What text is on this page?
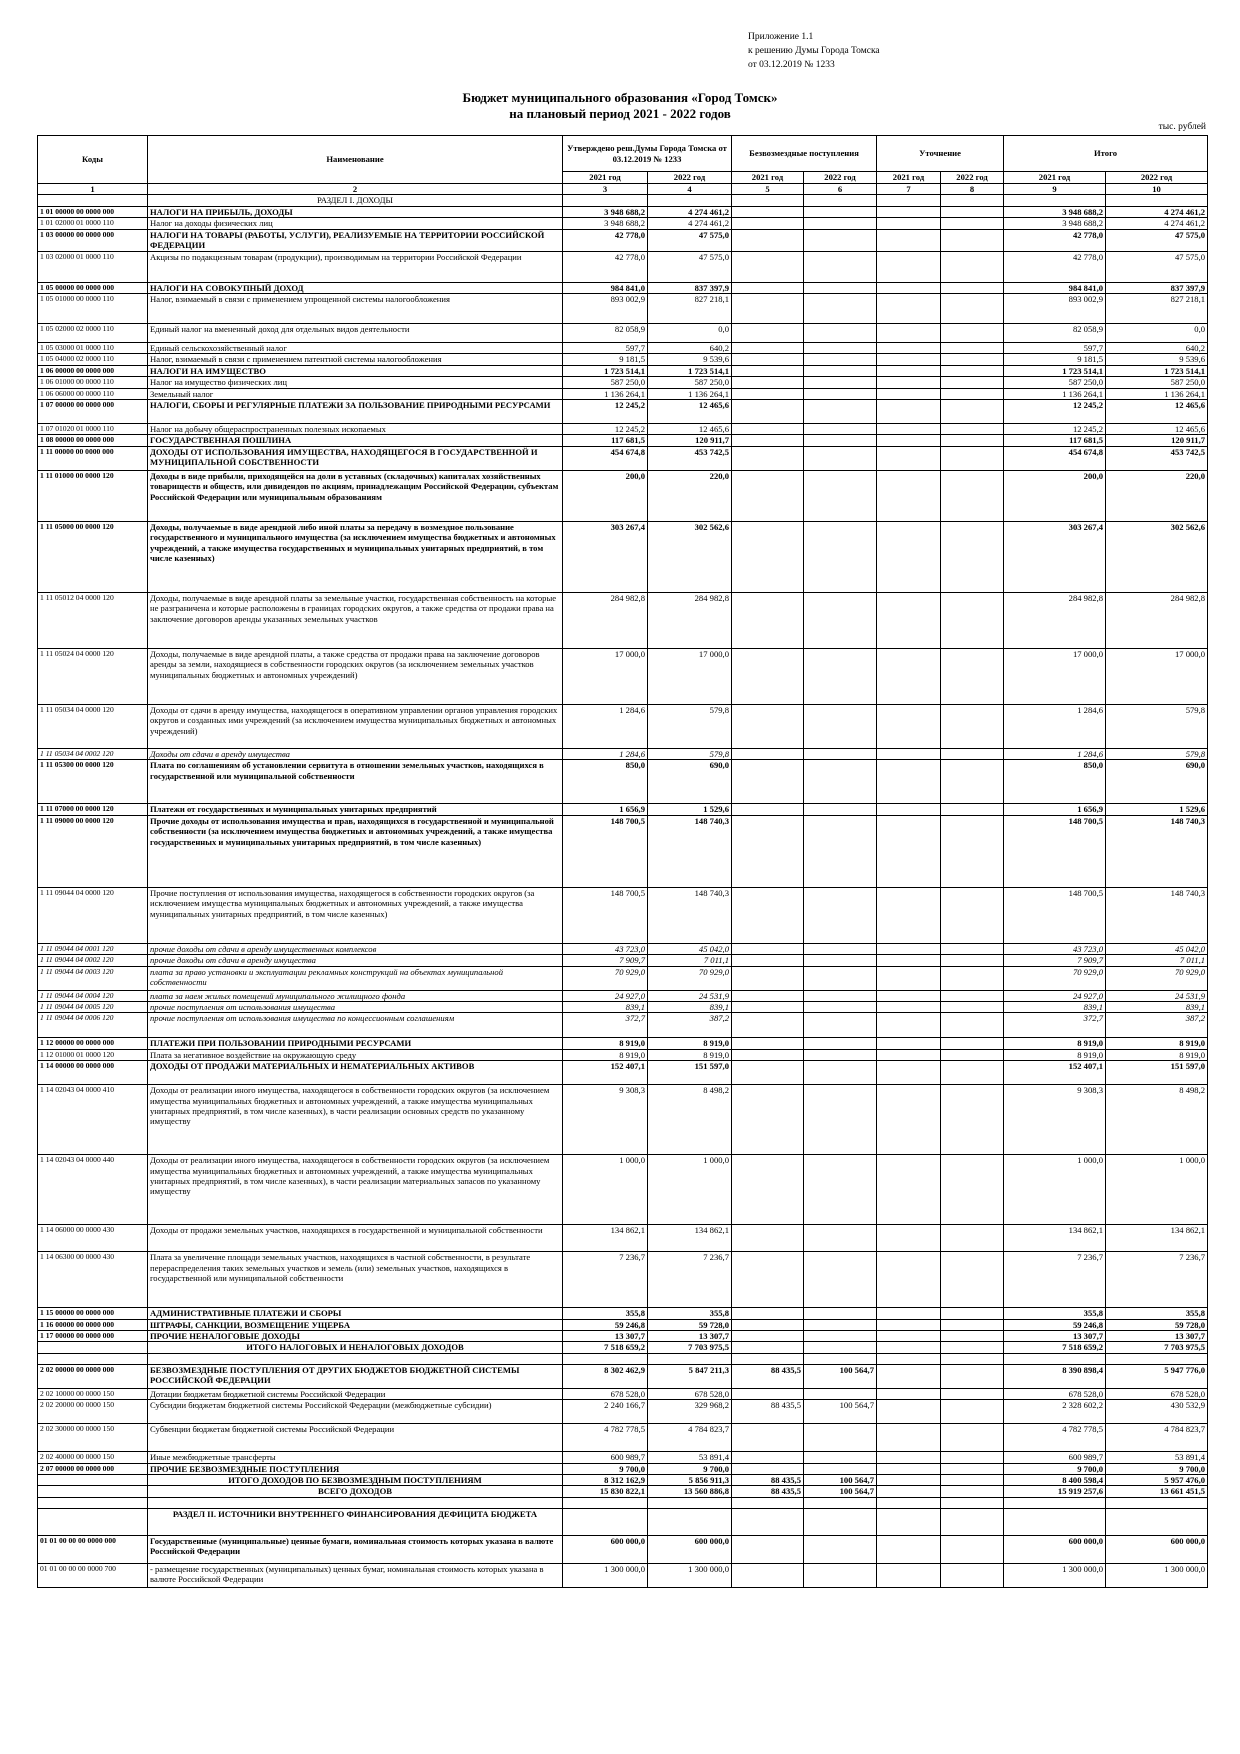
Приложение 1.1
к решению Думы Города Томска
от 03.12.2019 № 1233
Бюджет муниципального образования «Город Томск»
на плановый период 2021 - 2022 годов
тыс. рублей
Коды	Наименование	Утверждено реш.Думы Города Томска от 03.12.2019 № 1233		Безвозмездные поступления		Уточнение		Итого	
		2021 год	2022 год	2021 год	2022 год	2021 год	2022 год	2021 год	2022 год
1	2	3	4	5	6	7	8	9	10
	РАЗДЕЛ I. ДОХОДЫ								
1 01 00000 00 0000 000	НАЛОГИ НА ПРИБЫЛЬ, ДОХОДЫ	3 948 688,2	4 274 461,2					3 948 688,2	4 274 461,2
1 01 02000 01 0000 110	Налог на доходы физических лиц	3 948 688,2	4 274 461,2					3 948 688,2	4 274 461,2
1 03 00000 00 0000 000	НАЛОГИ НА ТОВАРЫ (РАБОТЫ, УСЛУГИ), РЕАЛИЗУЕМЫЕ НА ТЕРРИТОРИИ РОССИЙСКОЙ ФЕДЕРАЦИИ	42 778,0	47 575,0					42 778,0	47 575,0
1 03 02000 01 0000 110	Акцизы по подакцизным товарам (продукции), производимым на территории Российской Федерации	42 778,0	47 575,0					42 778,0	47 575,0
1 05 00000 00 0000 000	НАЛОГИ НА СОВОКУПНЫЙ ДОХОД	984 841,0	837 397,9					984 841,0	837 397,9
1 05 01000 00 0000 110	Налог, взимаемый в связи с применением упрощенной системы налогообложения	893 002,9	827 218,1					893 002,9	827 218,1
1 05 02000 02 0000 110	Единый налог на вмененный доход для отдельных видов деятельности	82 058,9	0,0					82 058,9	0,0
1 05 03000 01 0000 110	Единый сельскохозяйственный налог	597,7	640,2					597,7	640,2
1 05 04000 02 0000 110	Налог, взимаемый в связи с применением патентной системы налогообложения	9 181,5	9 539,6					9 181,5	9 539,6
1 06 00000 00 0000 000	НАЛОГИ НА ИМУЩЕСТВО	1 723 514,1	1 723 514,1					1 723 514,1	1 723 514,1
1 06 01000 00 0000 110	Налог на имущество физических лиц	587 250,0	587 250,0					587 250,0	587 250,0
1 06 06000 00 0000 110	Земельный налог	1 136 264,1	1 136 264,1					1 136 264,1	1 136 264,1
1 07 00000 00 0000 000	НАЛОГИ, СБОРЫ И РЕГУЛЯРНЫЕ ПЛАТЕЖИ ЗА ПОЛЬЗОВАНИЕ ПРИРОДНЫМИ РЕСУРСАМИ	12 245,2	12 465,6					12 245,2	12 465,6
1 07 01020 01 0000 110	Налог на добычу общераспространенных полезных ископаемых	12 245,2	12 465,6					12 245,2	12 465,6
1 08 00000 00 0000 000	ГОСУДАРСТВЕННАЯ ПОШЛИНА	117 681,5	120 911,7					117 681,5	120 911,7
1 11 00000 00 0000 000	ДОХОДЫ ОТ ИСПОЛЬЗОВАНИЯ ИМУЩЕСТВА, НАХОДЯЩЕГОСЯ В ГОСУДАРСТВЕННОЙ И МУНИЦИПАЛЬНОЙ СОБСТВЕННОСТИ	454 674,8	453 742,5					454 674,8	453 742,5
1 11 01000 00 0000 120	Доходы в виде прибыли, приходящейся на доли в уставных (складочных) капиталах хозяйственных товариществ и обществ, или дивидендов по акциям, принадлежащим Российской Федерации, субъектам Российской Федерации или муниципальным образованиям	200,0	220,0					200,0	220,0
1 11 05000 00 0000 120	Доходы, получаемые в виде арендной либо иной платы за передачу в возмездное пользование государственного и муниципального имущества (за исключением имущества бюджетных и автономных учреждений, а также имущества государственных и муниципальных унитарных предприятий, в том числе казенных)	303 267,4	302 562,6					303 267,4	302 562,6
1 11 05012 04 0000 120	Доходы, получаемые в виде арендной платы за земельные участки, государственная собственность на которые не разграничена и которые расположены в границах городских округов, а также средства от продажи права на заключение договоров аренды указанных земельных участков	284 982,8	284 982,8					284 982,8	284 982,8
1 11 05024 04 0000 120	Доходы, получаемые в виде арендной платы, а также средства от продажи права на заключение договоров аренды за земли, находящиеся в собственности городских округов (за исключением земельных участков муниципальных бюджетных и автономных учреждений)	17 000,0	17 000,0					17 000,0	17 000,0
1 11 05034 04 0000 120	Доходы от сдачи в аренду имущества, находящегося в оперативном управлении органов управления городских округов и созданных ими учреждений (за исключением имущества муниципальных бюджетных и автономных учреждений)	1 284,6	579,8					1 284,6	579,8
1 11 05034 04 0002 120	Доходы от сдачи в аренду имущества	1 284,6	579,8					1 284,6	579,8
1 11 05300 00 0000 120	Плата по соглашениям об установлении сервитута в отношении земельных участков, находящихся в государственной или муниципальной собственности	850,0	690,0					850,0	690,0
1 11 07000 00 0000 120	Платежи от государственных и муниципальных унитарных предприятий	1 656,9	1 529,6					1 656,9	1 529,6
1 11 09000 00 0000 120	Прочие доходы от использования имущества и прав, находящихся в государственной и муниципальной собственности (за исключением имущества бюджетных и автономных учреждений, а также имущества государственных и муниципальных унитарных предприятий, в том числе казенных)	148 700,5	148 740,3					148 700,5	148 740,3
1 11 09044 04 0000 120	Прочие поступления от использования имущества, находящегося в собственности городских округов (за исключением имущества муниципальных бюджетных и автономных учреждений, а также имущества муниципальных унитарных предприятий, в том числе казенных)	148 700,5	148 740,3					148 700,5	148 740,3
1 11 09044 04 0001 120	прочие доходы от сдачи в аренду имущественных комплексов	43 723,0	45 042,0					43 723,0	45 042,0
1 11 09044 04 0002 120	прочие доходы от сдачи в аренду имущества	7 909,7	7 011,1					7 909,7	7 011,1
1 11 09044 04 0003 120	плата за право установки и эксплуатации рекламных конструкций на объектах муниципальной собственности	70 929,0	70 929,0					70 929,0	70 929,0
1 11 09044 04 0004 120	плата за наем жилых помещений муниципального жилищного фонда	24 927,0	24 531,9					24 927,0	24 531,9
1 11 09044 04 0005 120	прочие поступления от использования имущества	839,1	839,1					839,1	839,1
1 11 09044 04 0006 120	прочие поступления от использования имущества по концессионным соглашениям	372,7	387,2					372,7	387,2
1 12 00000 00 0000 000	ПЛАТЕЖИ ПРИ ПОЛЬЗОВАНИИ ПРИРОДНЫМИ РЕСУРСАМИ	8 919,0	8 919,0					8 919,0	8 919,0
1 12 01000 01 0000 120	Плата за негативное воздействие на окружающую среду	8 919,0	8 919,0					8 919,0	8 919,0
1 14 00000 00 0000 000	ДОХОДЫ ОТ ПРОДАЖИ МАТЕРИАЛЬНЫХ И НЕМАТЕРИАЛЬНЫХ АКТИВОВ	152 407,1	151 597,0					152 407,1	151 597,0
1 14 02043 04 0000 410	Доходы от реализации иного имущества, находящегося в собственности городских округов (за исключением имущества муниципальных бюджетных и автономных учреждений, а также имущества муниципальных унитарных предприятий, в том числе казенных), в части реализации основных средств по указанному имуществу	9 308,3	8 498,2					9 308,3	8 498,2
1 14 02043 04 0000 440	Доходы от реализации иного имущества, находящегося в собственности городских округов (за исключением имущества муниципальных бюджетных и автономных учреждений, а также имущества муниципальных унитарных предприятий, в том числе казенных), в части реализации материальных запасов по указанному имуществу	1 000,0	1 000,0					1 000,0	1 000,0
1 14 06000 00 0000 430	Доходы от продажи земельных участков, находящихся в государственной и муниципальной собственности	134 862,1	134 862,1					134 862,1	134 862,1
1 14 06300 00 0000 430	Плата за увеличение площади земельных участков, находящихся в частной собственности, в результате перераспределения таких земельных участков и земель (или) земельных участков, находящихся в государственной или муниципальной собственности	7 236,7	7 236,7					7 236,7	7 236,7
1 15 00000 00 0000 000	АДМИНИСТРАТИВНЫЕ ПЛАТЕЖИ И СБОРЫ	355,8	355,8					355,8	355,8
1 16 00000 00 0000 000	ШТРАФЫ, САНКЦИИ, ВОЗМЕЩЕНИЕ УЩЕРБА	59 246,8	59 728,0					59 246,8	59 728,0
1 17 00000 00 0000 000	ПРОЧИЕ НЕНАЛОГОВЫЕ ДОХОДЫ	13 307,7	13 307,7					13 307,7	13 307,7
	ИТОГО НАЛОГОВЫХ И НЕНАЛОГОВЫХ ДОХОДОВ	7 518 659,2	7 703 975,5					7 518 659,2	7 703 975,5

2 02 00000 00 0000 000	БЕЗВОЗМЕЗДНЫЕ ПОСТУПЛЕНИЯ ОТ ДРУГИХ БЮДЖЕТОВ БЮДЖЕТНОЙ СИСТЕМЫ РОССИЙСКОЙ ФЕДЕРАЦИИ	8 302 462,9	5 847 211,3	88 435,5	100 564,7			8 390 898,4	5 947 776,0
2 02 10000 00 0000 150	Дотации бюджетам бюджетной системы Российской Федерации	678 528,0	678 528,0					678 528,0	678 528,0
2 02 20000 00 0000 150	Субсидии бюджетам бюджетной системы Российской Федерации (межбюджетные субсидии)	2 240 166,7	329 968,2	88 435,5	100 564,7			2 328 602,2	430 532,9
2 02 30000 00 0000 150	Субвенции бюджетам бюджетной системы Российской Федерации	4 782 778,5	4 784 823,7					4 782 778,5	4 784 823,7
2 02 40000 00 0000 150	Иные межбюджетные трансферты	600 989,7	53 891,4					600 989,7	53 891,4
2 07 00000 00 0000 000	ПРОЧИЕ БЕЗВОЗМЕЗДНЫЕ ПОСТУПЛЕНИЯ	9 700,0	9 700,0					9 700,0	9 700,0
	ИТОГО ДОХОДОВ ПО БЕЗВОЗМЕЗДНЫМ ПОСТУПЛЕНИЯМ	8 312 162,9	5 856 911,3	88 435,5	100 564,7			8 400 598,4	5 957 476,0
	ВСЕГО ДОХОДОВ	15 830 822,1	13 560 886,8	88 435,5	100 564,7			15 919 257,6	13 661 451,5

	РАЗДЕЛ II. ИСТОЧНИКИ ВНУТРЕННЕГО ФИНАНСИРОВАНИЯ ДЕФИЦИТА БЮДЖЕТА								
01 01 00 00 00 0000 000	Государственные (муниципальные) ценные бумаги, номинальная стоимость которых указана в валюте Российской Федерации	600 000,0	600 000,0					600 000,0	600 000,0
01 01 00 00 00 0000 700	- размещение государственных (муниципальных) ценных бумаг, номинальная стоимость которых указана в валюте Российской Федерации	1 300 000,0	1 300 000,0					1 300 000,0	1 300 000,0
